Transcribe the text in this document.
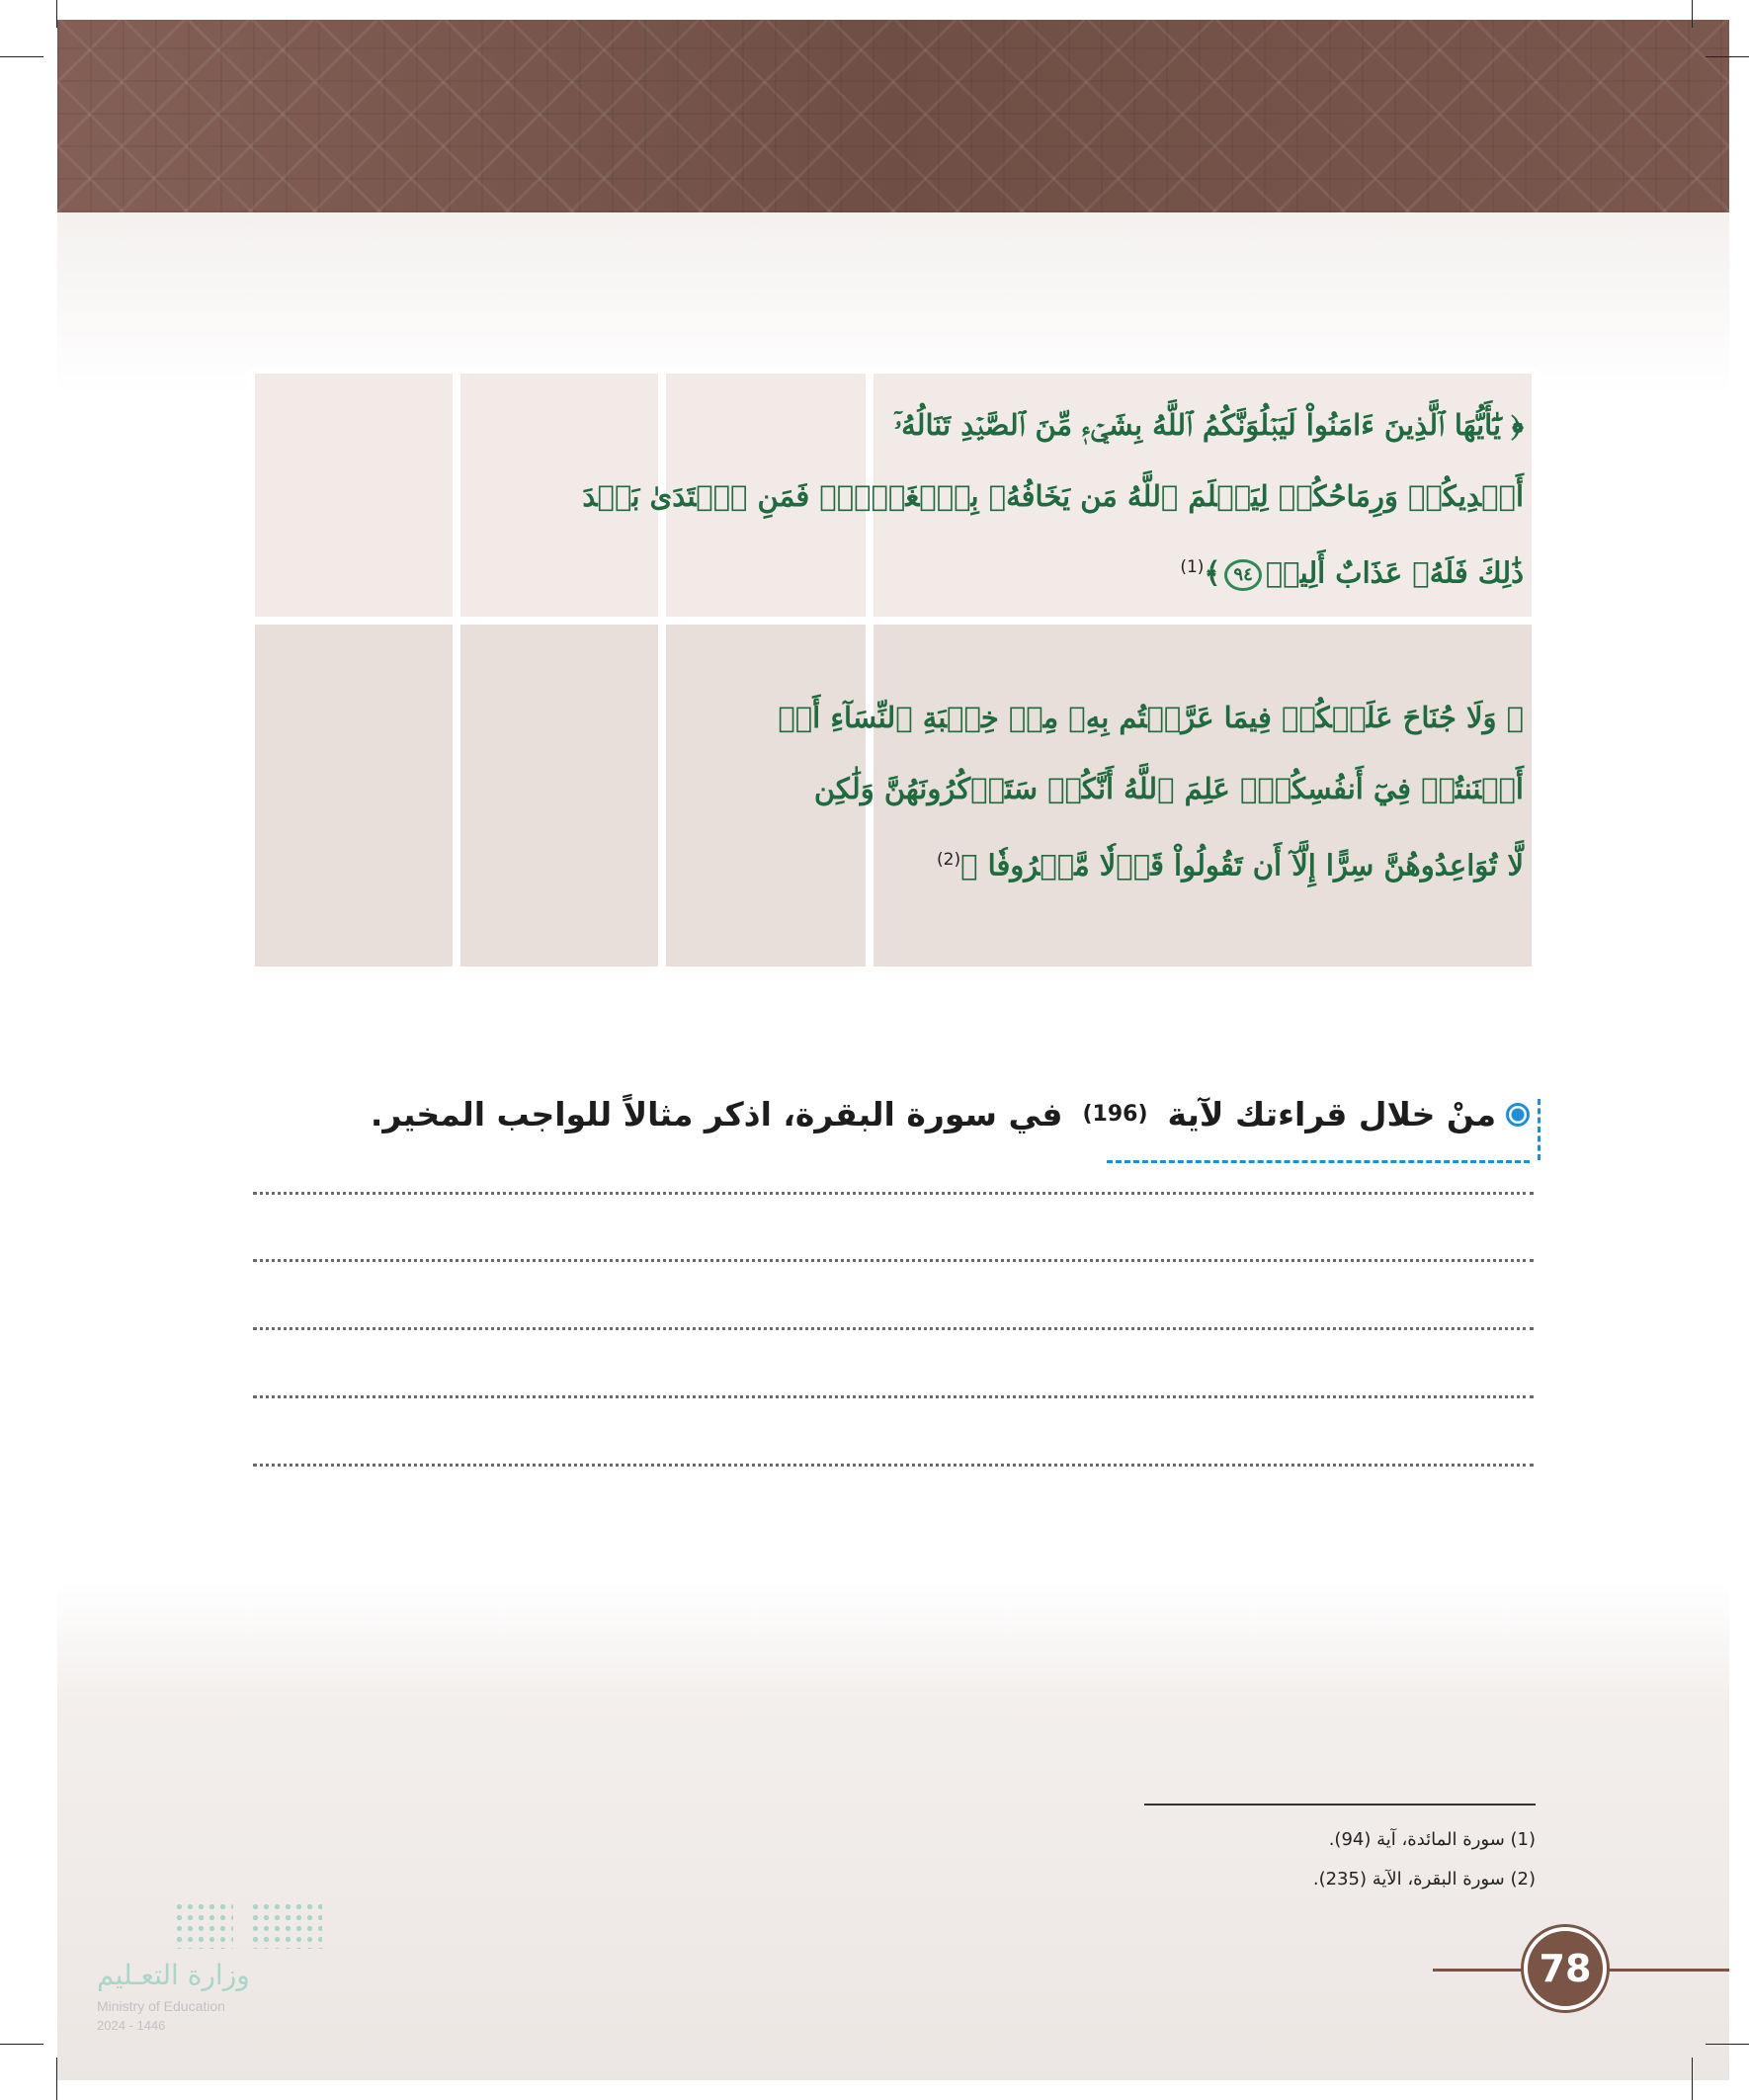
﴿ يَٰٓأَيُّهَا ٱلَّذِينَ ءَامَنُواْ لَيَبۡلُوَنَّكُمُ ٱللَّهُ بِشَيۡءٖ مِّنَ ٱلصَّيۡدِ تَنَالُهُۥٓ

أَيۡدِيكُمۡ وَرِمَاحُكُمۡ لِيَعۡلَمَ ٱللَّهُ مَن يَخَافُهُۥ بِٱلۡغَيۡبِۚ فَمَنِ ٱعۡتَدَىٰ بَعۡدَ

ذَٰلِكَ فَلَهُۥ عَذَابٌ أَلِيمٞ٩٤﴾$^{(1)}$

﴿ وَلَا جُنَاحَ عَلَيۡكُمۡ فِيمَا عَرَّضۡتُم بِهِۦ مِنۡ خِطۡبَةِ ٱلنِّسَآءِ أَوۡ

أَكۡنَنتُمۡ فِيٓ أَنفُسِكُمۡۚ عَلِمَ ٱللَّهُ أَنَّكُمۡ سَتَذۡكُرُونَهُنَّ وَلَٰكِن

لَّا تُوَاعِدُوهُنَّ سِرًّا إِلَّآ أَن تَقُولُواْ قَوۡلٗا مَّعۡرُوفٗا ﴾$^{(2)}$

منْ خلال قراءتك لآية
(196)
في سورة البقرة، اذكر مثالاً للواجب المخير.
(1) سورة المائدة، آية (94).
(2) سورة البقرة، الآية (235).
وزارة التعـليم
Ministry of Education
2024 - 1446
78
